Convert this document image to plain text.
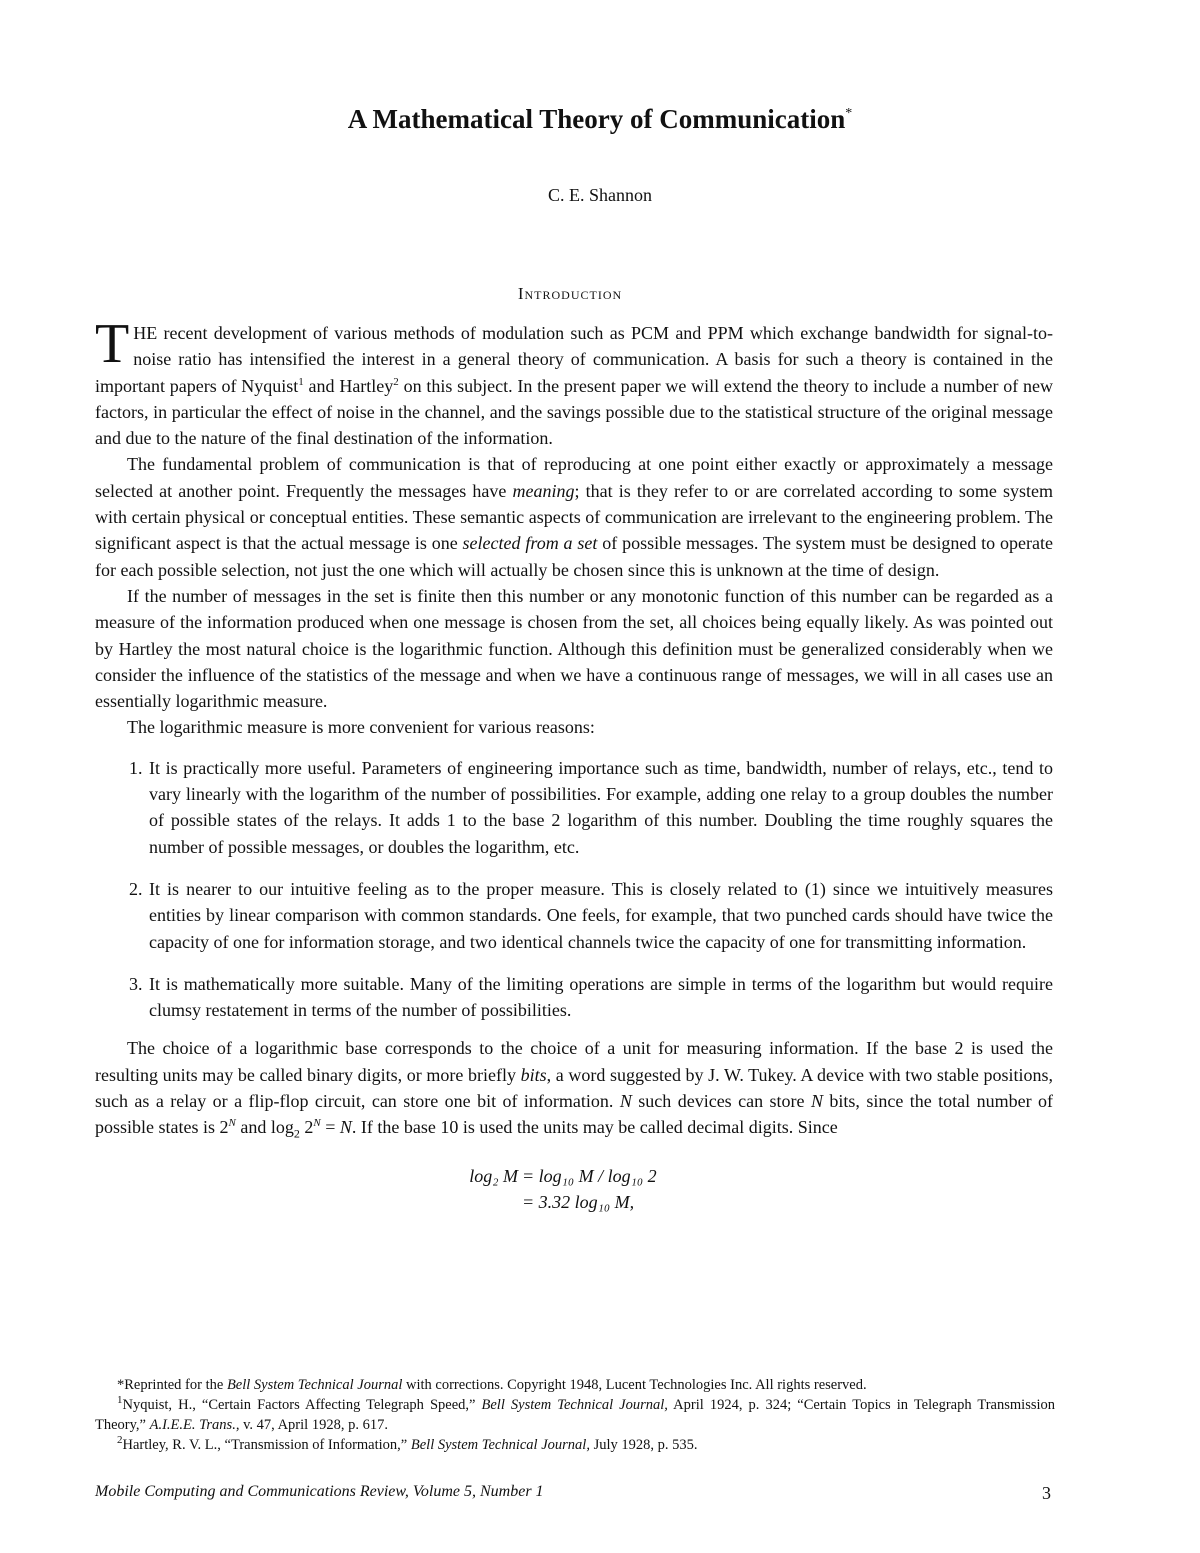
A Mathematical Theory of Communication*
C. E. Shannon
Introduction

THE recent development of various methods of modulation such as PCM and PPM which exchange bandwidth for signal-to-noise ratio has intensified the interest in a general theory of communication. A basis for such a theory is contained in the important papers of Nyquist$^1$ and Hartley$^2$ on this subject. In the present paper we will extend the theory to include a number of new factors, in particular the effect of noise in the channel, and the savings possible due to the statistical structure of the original message and due to the nature of the final destination of the information.

The fundamental problem of communication is that of reproducing at one point either exactly or approximately a message selected at another point. Frequently the messages have meaning; that is they refer to or are correlated according to some system with certain physical or conceptual entities. These semantic aspects of communication are irrelevant to the engineering problem. The significant aspect is that the actual message is one selected from a set of possible messages. The system must be designed to operate for each possible selection, not just the one which will actually be chosen since this is unknown at the time of design.

If the number of messages in the set is finite then this number or any monotonic function of this number can be regarded as a measure of the information produced when one message is chosen from the set, all choices being equally likely. As was pointed out by Hartley the most natural choice is the logarithmic function. Although this definition must be generalized considerably when we consider the influence of the statistics of the message and when we have a continuous range of messages, we will in all cases use an essentially logarithmic measure.

The logarithmic measure is more convenient for various reasons:

1. It is practically more useful. Parameters of engineering importance such as time, bandwidth, number of relays, etc., tend to vary linearly with the logarithm of the number of possibilities. For example, adding one relay to a group doubles the number of possible states of the relays. It adds 1 to the base 2 logarithm of this number. Doubling the time roughly squares the number of possible messages, or doubles the logarithm, etc.
2. It is nearer to our intuitive feeling as to the proper measure. This is closely related to (1) since we intuitively measures entities by linear comparison with common standards. One feels, for example, that two punched cards should have twice the capacity of one for information storage, and two identical channels twice the capacity of one for transmitting information.
3. It is mathematically more suitable. Many of the limiting operations are simple in terms of the logarithm but would require clumsy restatement in terms of the number of possibilities.

The choice of a logarithmic base corresponds to the choice of a unit for measuring information. If the base 2 is used the resulting units may be called binary digits, or more briefly bits, a word suggested by J. W. Tukey. A device with two stable positions, such as a relay or a flip-flop circuit, can store one bit of information. N such devices can store N bits, since the total number of possible states is 2$^N$ and $\log_2 2^N = N$. If the base 10 is used the units may be called decimal digits. Since

log₂ M = log₁₀ M / log₁₀ 2
= 3.32 log₁₀ M,

*Reprinted for the Bell System Technical Journal with corrections. Copyright 1948, Lucent Technologies Inc. All rights reserved.

$^1$Nyquist, H., “Certain Factors Affecting Telegraph Speed,” Bell System Technical Journal, April 1924, p. 324; “Certain Topics in Telegraph Transmission Theory,” A.I.E.E. Trans., v. 47, April 1928, p. 617.

$^2$Hartley, R. V. L., “Transmission of Information,” Bell System Technical Journal, July 1928, p. 535.

Mobile Computing and Communications Review, Volume 5, Number 1	3
